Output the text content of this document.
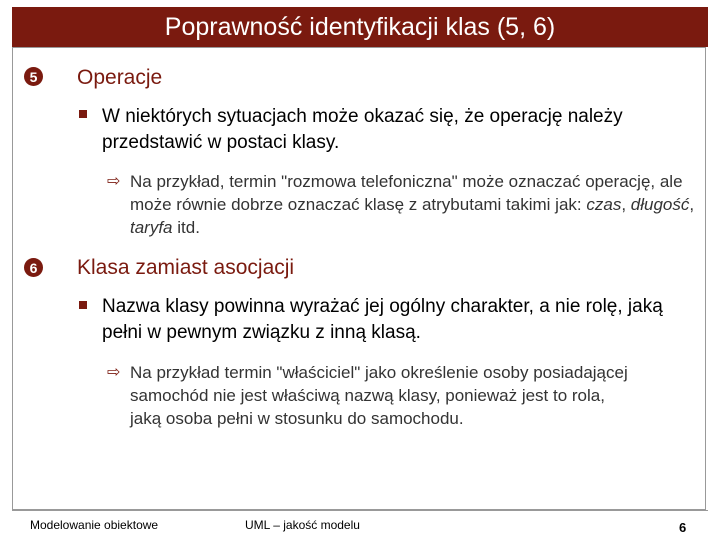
Poprawność identyfikacji klas (5, 6)
5 Operacje
W niektórych sytuacjach może okazać się, że operację należy przedstawić w postaci klasy.
⇨ Na przykład, termin "rozmowa telefoniczna" może oznaczać operację, ale może równie dobrze oznaczać klasę z atrybutami takimi jak: czas, długość, taryfa itd.
6 Klasa zamiast asocjacji
Nazwa klasy powinna wyrażać jej ogólny charakter, a nie rolę, jaką pełni w pewnym związku z inną klasą.
⇨ Na przykład termin "właściciel" jako określenie osoby posiadającej samochód nie jest właściwą nazwą klasy, ponieważ jest to rola, jaką osoba pełni w stosunku do samochodu.
Modelowanie obiektowe	UML – jakość modelu	6
